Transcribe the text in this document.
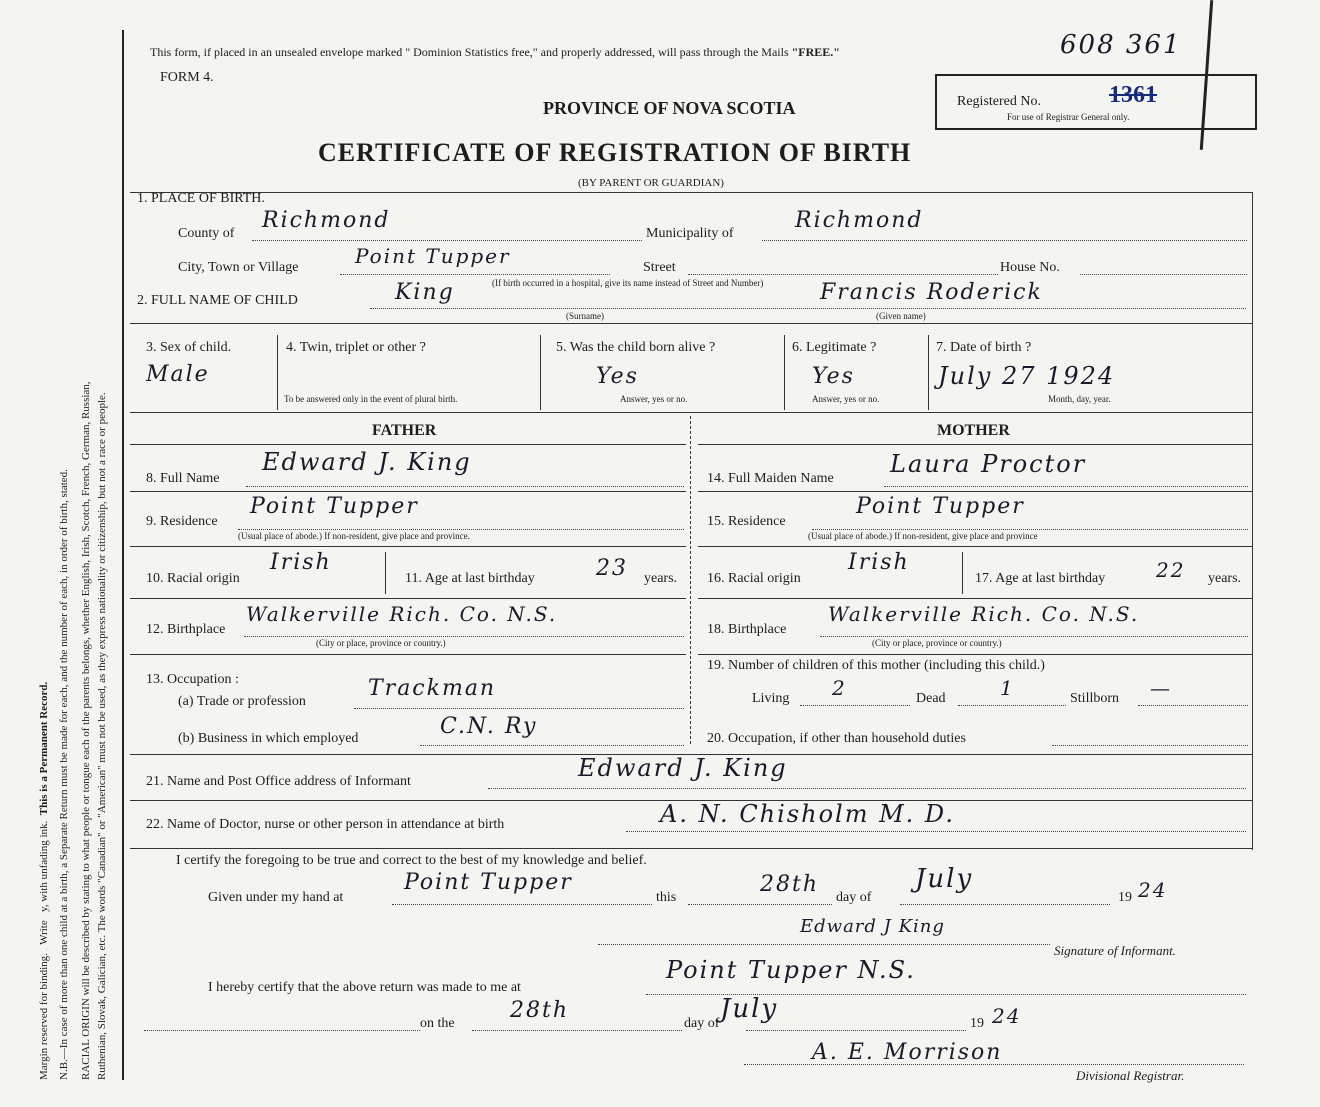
Margin reserved for binding.   Write   y, with unfading ink.  This is a Permanent Record. N.B.—In case of more than one child at a birth, a Separate Return must be made for each, and the number of each, in order of birth, stated. RACIAL ORIGIN will be described by stating to what people or tongue each of the parents belongs, whether English, Irish, Scotch, French, German, Russian, Ruthenian, Slovak, Galician, etc. The words "Canadian" or "American" must not be used, as they express nationality or citizenship, but not a race or people.
This form, if placed in an unsealed envelope marked " Dominion Statistics free," and properly addressed, will pass through the Mails "FREE."
FORM 4.
608 361
Registered No.	1361
For use of Registrar General only.
PROVINCE OF NOVA SCOTIA
CERTIFICATE OF REGISTRATION OF BIRTH
(BY PARENT OR GUARDIAN)
1. PLACE OF BIRTH.
County of
Richmond
Municipality of
Richmond
City, Town or Village	Point Tupper	Street	House No.
(If birth occurred in a hospital, give its name instead of Street and Number)
2. FULL NAME OF CHILD	King	Francis Roderick
(Surname)	(Given name)
3. Sex of child.
Male
4. Twin, triplet or other ?
To be answered only in the event of plural birth.
5. Was the child born alive ?
Yes
Answer, yes or no.
6. Legitimate ?
Yes
Answer, yes or no.
7. Date of birth ?
July 27 1924
Month, day, year.
FATHER	MOTHER
8. Full Name
Edward J. King
9. Residence
Point Tupper
(Usual place of abode.) If non-resident, give place and province.
10. Racial origin
Irish
11. Age at last birthday	23 years.
12. Birthplace
Walkerville Rich. Co. N.S.
(City or place, province or country.)
13. Occupation :
(a) Trade or profession
Trackman
(b) Business in which employed	C.N. Ry
14. Full Maiden Name
Laura Proctor
15. Residence
Point Tupper
(Usual place of abode.) If non-resident, give place and province
16. Racial origin
Irish
17. Age at last birthday	22 years.
18. Birthplace
Walkerville Rich. Co. N.S.
(City or place, province or country.)
19. Number of children of this mother (including this child.)
Living 2	Dead	1	Stillborn —
20. Occupation, if other than household duties
21. Name and Post Office address of Informant	Edward J. King
22. Name of Doctor, nurse or other person in attendance at birth	A. N. Chisholm M. D.
I certify the foregoing to be true and correct to the best of my knowledge and belief.
Given under my hand at
Point Tupper
this
28th
day of
July
19 24
Edward J King
Signature of Informant.
I hereby certify that the above return was made to me at
Point Tupper N.S.
on the
28th
day of July	19 24
A. E. Morrison
Divisional Registrar.
